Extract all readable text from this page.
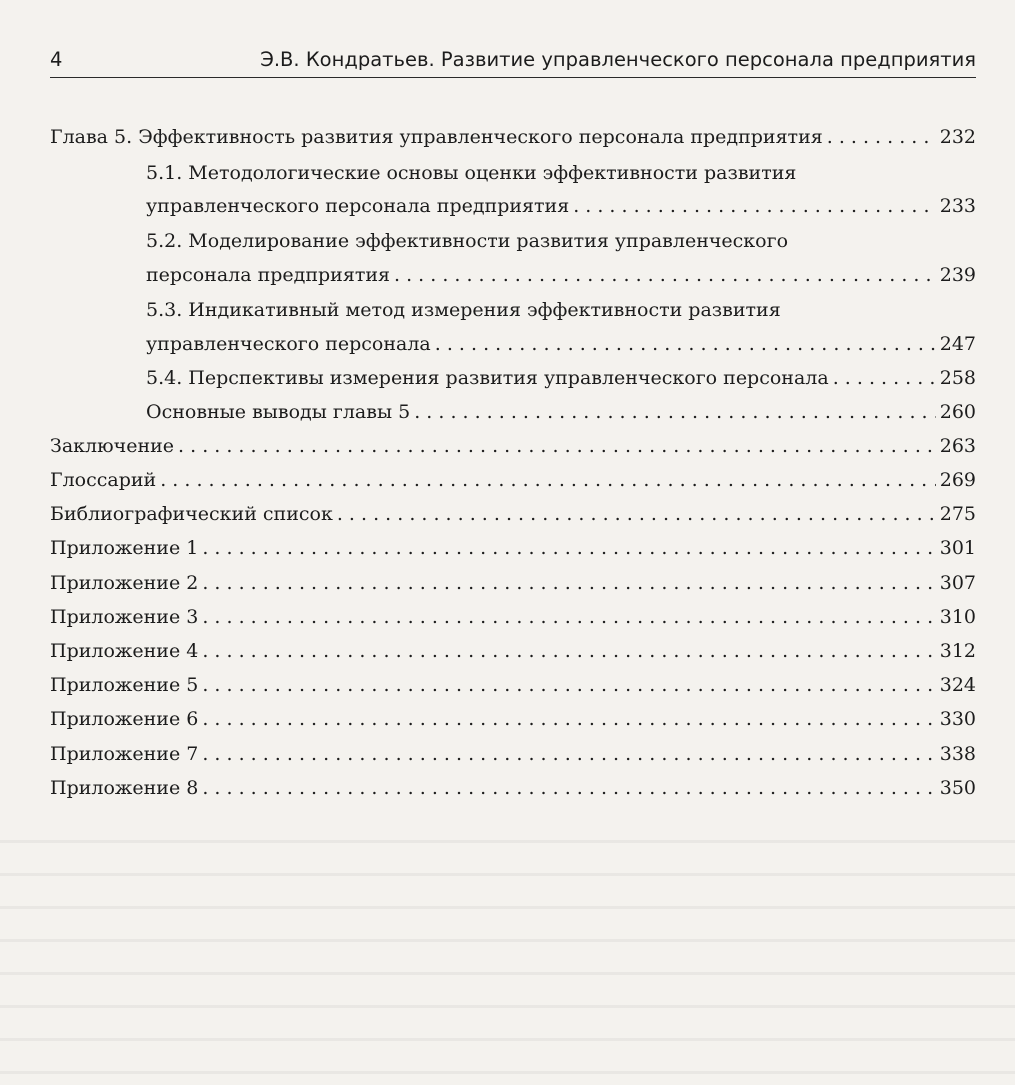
4	Э.В. Кондратьев. Развитие управленческого персонала предприятия
Глава 5. Эффективность развития управленческого персонала предприятия . . .	232
5.1. Методологические основы оценки эффективности развития
управленческого персонала предприятия . . .	233
5.2. Моделирование эффективности развития управленческого
персонала предприятия . . .	239
5.3. Индикативный метод измерения эффективности развития
управленческого персонала . . .	247
5.4. Перспективы измерения развития управленческого персонала . . .	258
Основные выводы главы 5 . . .	260
Заключение . . .	263
Глоссарий . . .	269
Библиографический список . . .	275
Приложение 1 . . .	301
Приложение 2 . . .	307
Приложение 3 . . .	310
Приложение 4 . . .	312
Приложение 5 . . .	324
Приложение 6 . . .	330
Приложение 7 . . .	338
Приложение 8 . . .	350
